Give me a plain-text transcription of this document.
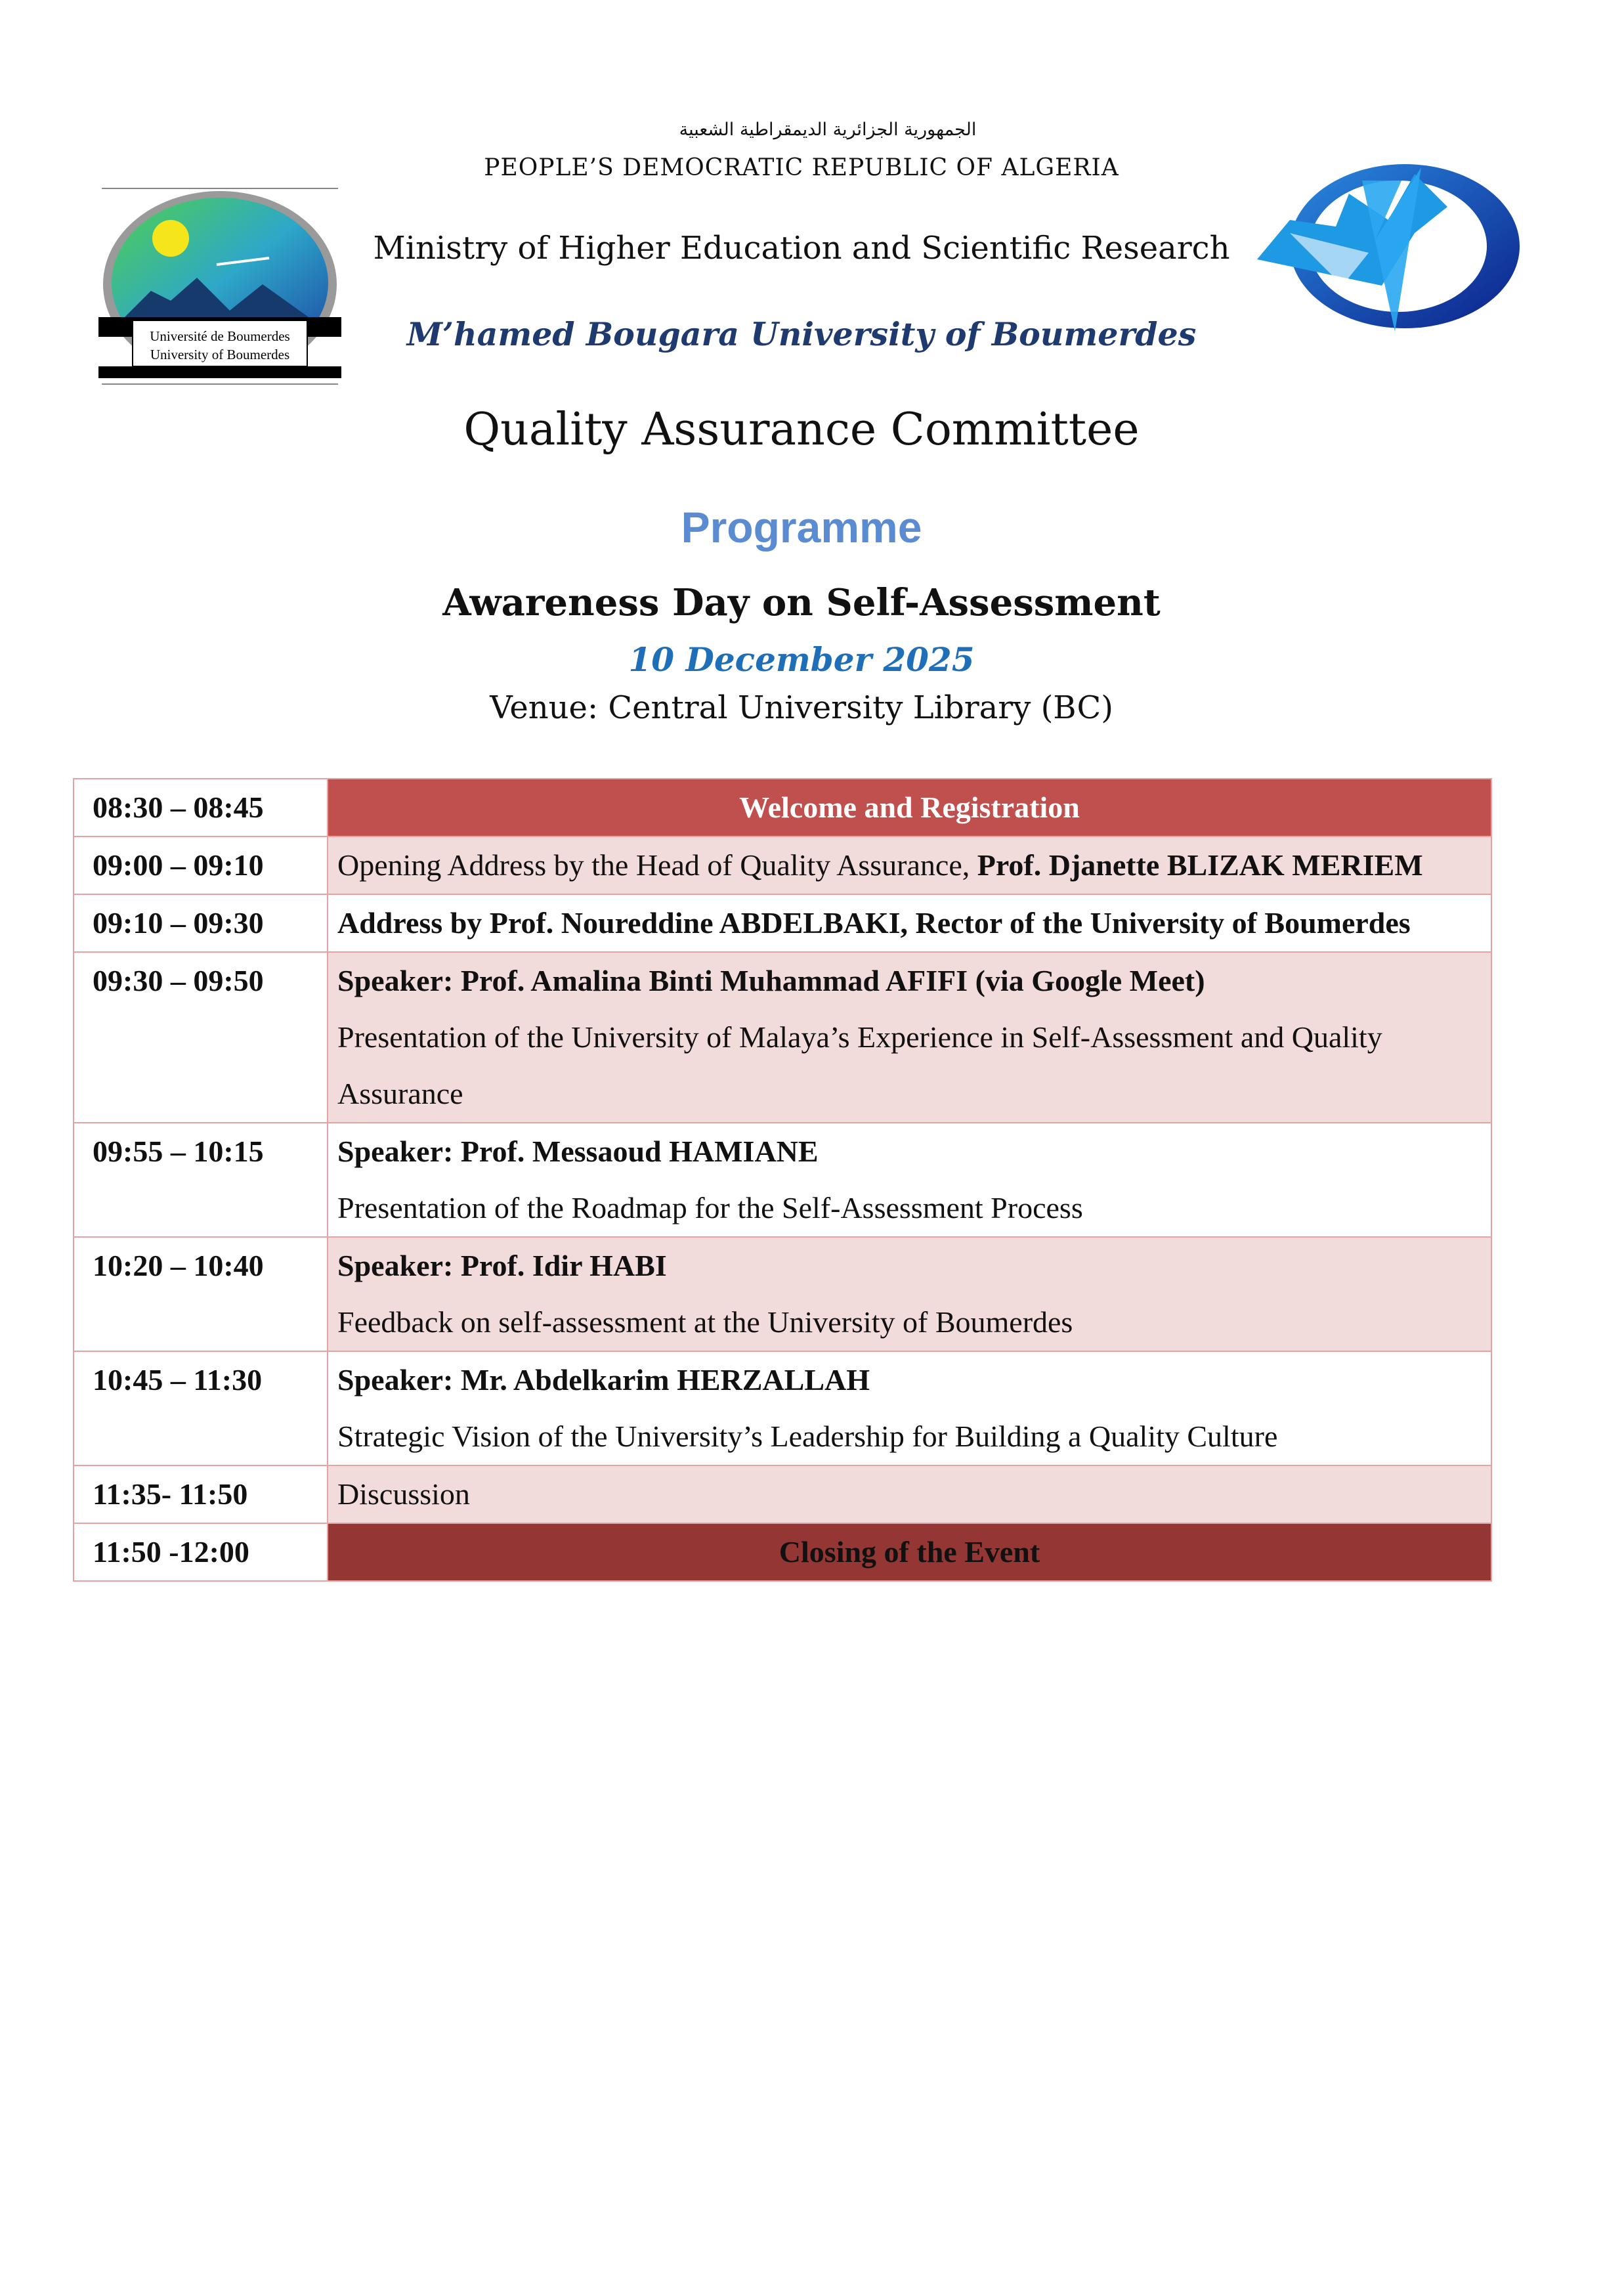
الجمهورية الجزائرية الديمقراطية الشعبية
PEOPLE’S DEMOCRATIC REPUBLIC OF ALGERIA
Ministry of Higher Education and Scientific Research
M’hamed Bougara University of Boumerdes
Quality Assurance Committee
Programme
Awareness Day on Self-Assessment
10 December 2025
Venue: Central University Library (BC)
Université de Boumerdes
University of Boumerdes
08:30 – 08:45	Welcome and Registration
09:00 – 09:10	Opening Address by the Head of Quality Assurance, Prof. Djanette BLIZAK MERIEM
09:10 – 09:30	Address by Prof. Noureddine ABDELBAKI, Rector of the University of Boumerdes
09:30 – 09:50	Speaker: Prof. Amalina Binti Muhammad AFIFI (via Google Meet)
Presentation of the University of Malaya’s Experience in Self-Assessment and Quality Assurance

09:55 – 10:15	Speaker: Prof. Messaoud HAMIANE
Presentation of the Roadmap for the Self-Assessment Process

10:20 – 10:40	Speaker: Prof. Idir HABI
Feedback on self-assessment at the University of Boumerdes

10:45 – 11:30	Speaker: Mr. Abdelkarim HERZALLAH
Strategic Vision of the University’s Leadership for Building a Quality Culture

11:35- 11:50	Discussion
11:50 -12:00	Closing of the Event
